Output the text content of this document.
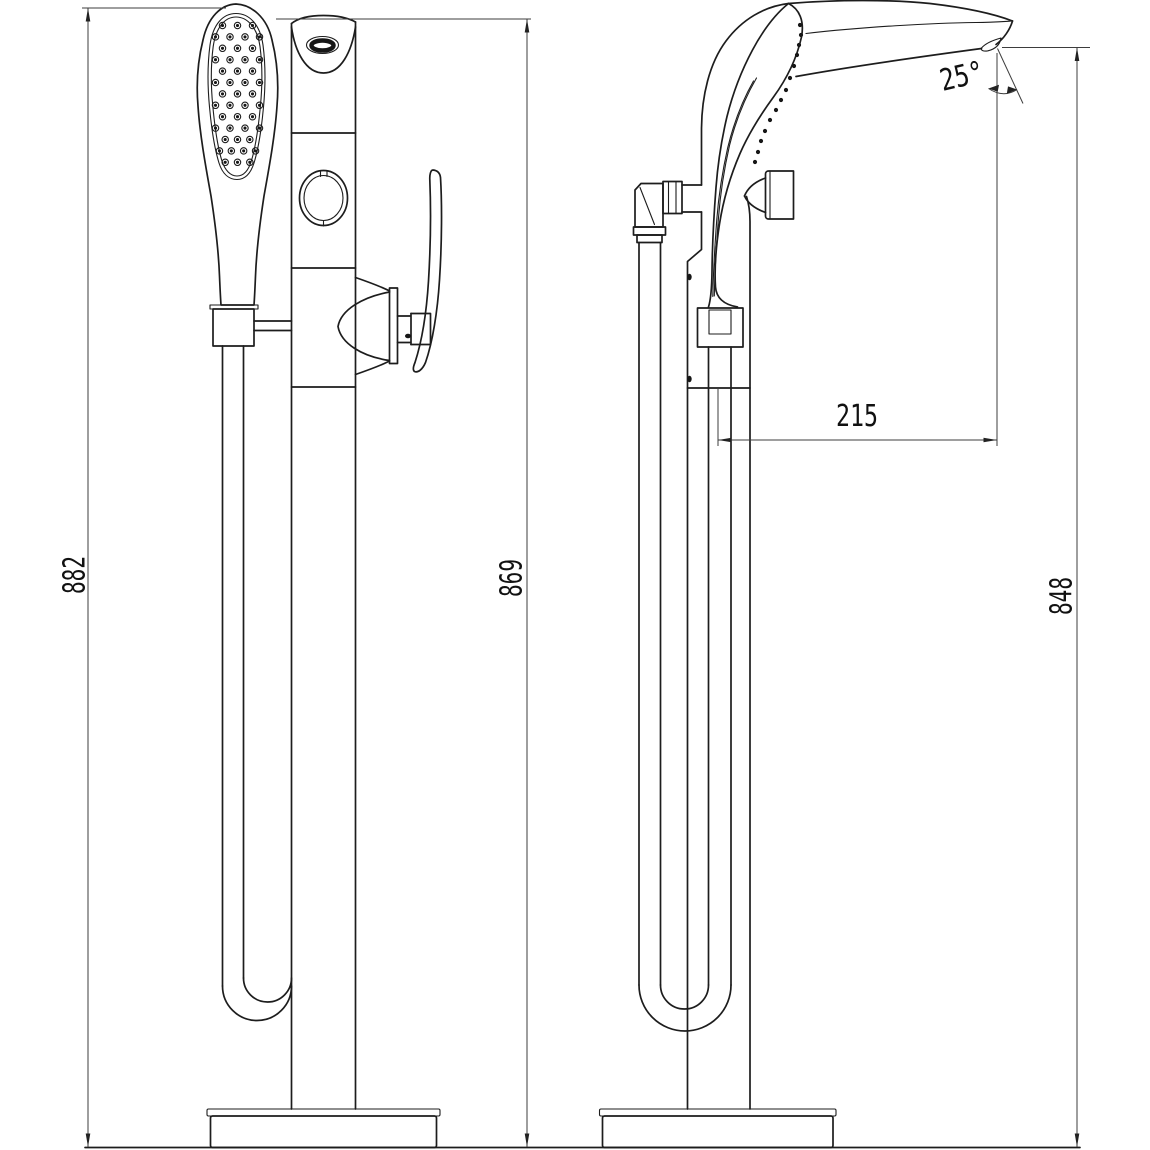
882	869	848
215
25°
